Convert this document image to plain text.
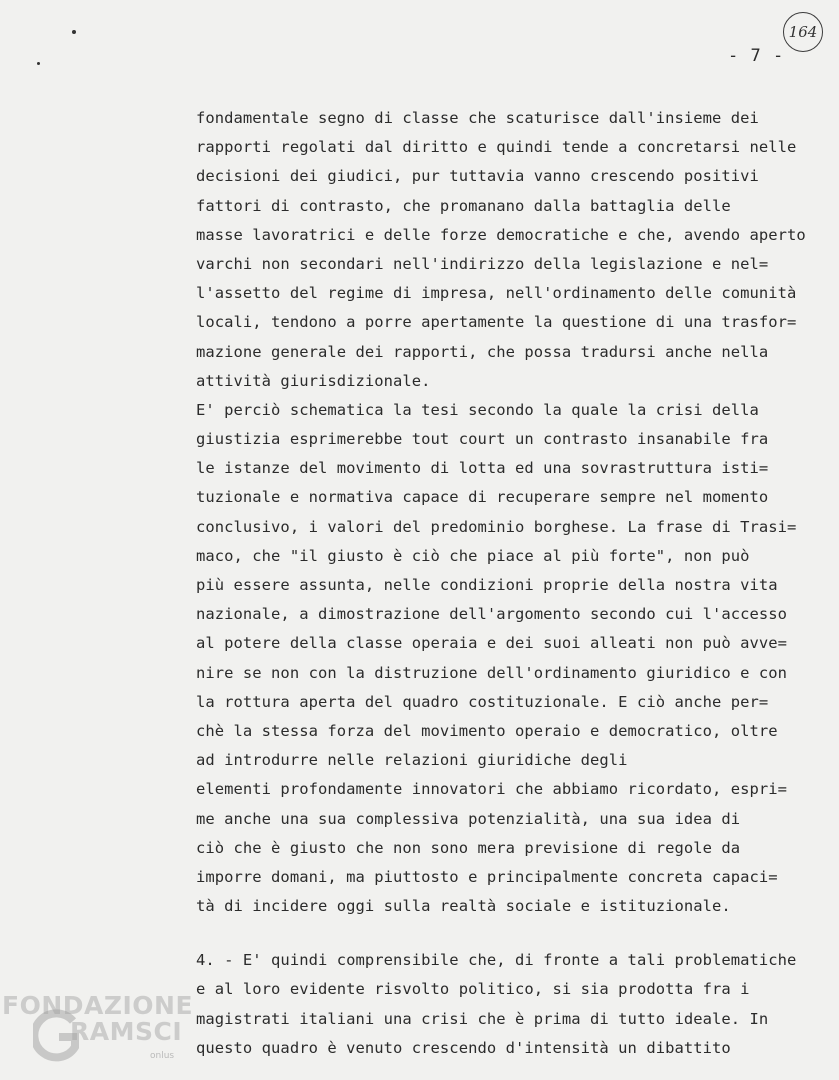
- 7 -
164
fondamentale segno di classe che scaturisce dall'insieme dei
rapporti regolati dal diritto e quindi tende a concretarsi nelle
decisioni dei giudici, pur tuttavia vanno crescendo positivi
fattori di contrasto, che promanano dalla battaglia delle
masse lavoratrici e delle forze democratiche e che, avendo aperto
varchi non secondari nell'indirizzo della legislazione e nel=
l'assetto del regime di impresa, nell'ordinamento delle comunità
locali, tendono a porre apertamente la questione di una trasfor=
mazione generale dei rapporti, che possa tradursi anche nella
attività giurisdizionale.
E' perciò schematica la tesi secondo la quale la crisi della
giustizia esprimerebbe tout court un contrasto insanabile fra
le istanze del movimento di lotta ed una sovrastruttura isti=
tuzionale e normativa capace di recuperare sempre nel momento
conclusivo, i valori del predominio borghese. La frase di Trasi=
maco, che "il giusto è ciò che piace al più forte", non può
più essere assunta, nelle condizioni proprie della nostra vita
nazionale, a dimostrazione dell'argomento secondo cui l'accesso
al potere della classe operaia e dei suoi alleati non può avve=
nire se non con la distruzione dell'ordinamento giuridico e con
la rottura aperta del quadro costituzionale. E ciò anche per=
chè la stessa forza del movimento operaio e democratico, oltre
ad introdurre nelle relazioni giuridiche degli
elementi profondamente innovatori che abbiamo ricordato, espri=
me anche una sua complessiva potenzialità, una sua idea di
ciò che è giusto che non sono mera previsione di regole da
imporre domani, ma piuttosto e principalmente concreta capaci=
tà di incidere oggi sulla realtà sociale e istituzionale.
4. - E' quindi comprensibile che, di fronte a tali problematiche
e al loro evidente risvolto politico, si sia prodotta fra i
magistrati italiani una crisi che è prima di tutto ideale. In
questo quadro è venuto crescendo d'intensità un dibattito
FONDAZIONE
RAMSCI
onlus
